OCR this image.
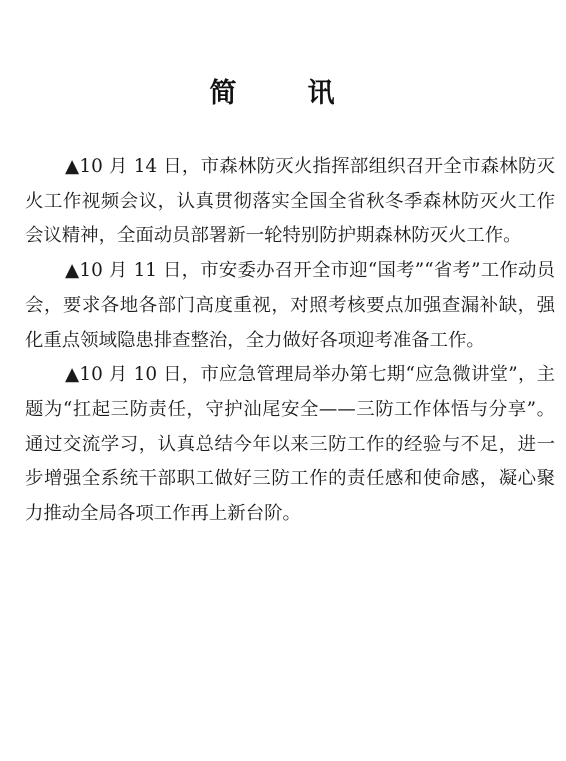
简　讯

▲10 月 14 日，市森林防灭火指挥部组织召开全市森林防灭火工作视频会议，认真贯彻落实全国全省秋冬季森林防灭火工作会议精神，全面动员部署新一轮特别防护期森林防灭火工作。

▲10 月 11 日，市安委办召开全市迎“国考”“省考”工作动员会，要求各地各部门高度重视，对照考核要点加强查漏补缺，强化重点领域隐患排查整治，全力做好各项迎考准备工作。

▲10 月 10 日，市应急管理局举办第七期“应急微讲堂”，主题为“扛起三防责任，守护汕尾安全——三防工作体悟与分享”。通过交流学习，认真总结今年以来三防工作的经验与不足，进一步增强全系统干部职工做好三防工作的责任感和使命感，凝心聚力推动全局各项工作再上新台阶。
